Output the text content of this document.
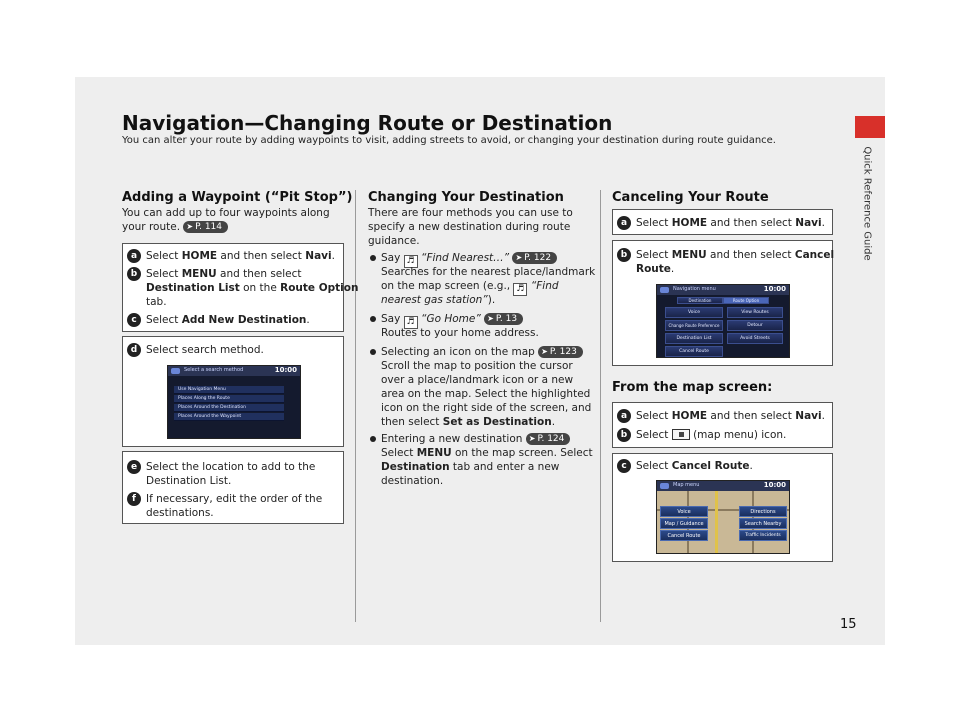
Quick Reference Guide
Navigation—Changing Route or Destination
You can alter your route by adding waypoints to visit, adding streets to avoid, or changing your destination during route guidance.
Adding a Waypoint (“Pit Stop”)
You can add up to four waypoints along
your route. ➤ P. 114
a Select HOME and then select Navi.
b Select MENU and then select
Destination List on the Route Option
tab.
c Select Add New Destination.
d Select search method.
Select a search method	10:00
Use Navigation Menu
Places Along the Route
Places Around the Destination
Places Around the Waypoint
e Select the location to add to the
Destination List.
f If necessary, edit the order of the
destinations.
Changing Your Destination
There are four methods you can use to
specify a new destination during route
guidance.
Say ♬ “Find Nearest…” ➤ P. 122
Searches for the nearest place/landmark
on the map screen (e.g., ♬ “Find
nearest gas station”).
Say ♬ “Go Home” ➤ P. 13
Routes to your home address.
Selecting an icon on the map ➤ P. 123
Scroll the map to position the cursor
over a place/landmark icon or a new
area on the map. Select the highlighted
icon on the right side of the screen, and
then select Set as Destination.
Entering a new destination ➤ P. 124
Select MENU on the map screen. Select
Destination tab and enter a new
destination.
Canceling Your Route
a Select HOME and then select Navi.
b Select MENU and then select Cancel
Route.
Navigation menu	10:00
Destination	Route Option
Voice	View Routes
Change Route Preference	Detour
Destination List	Avoid Streets
Cancel Route
From the map screen:
a Select HOME and then select Navi.
b Select  (map menu) icon.
c Select Cancel Route.
Map menu	10:00
Voice	Directions
Map / Guidance	Search Nearby
Cancel Route	Traffic Incidents
15
